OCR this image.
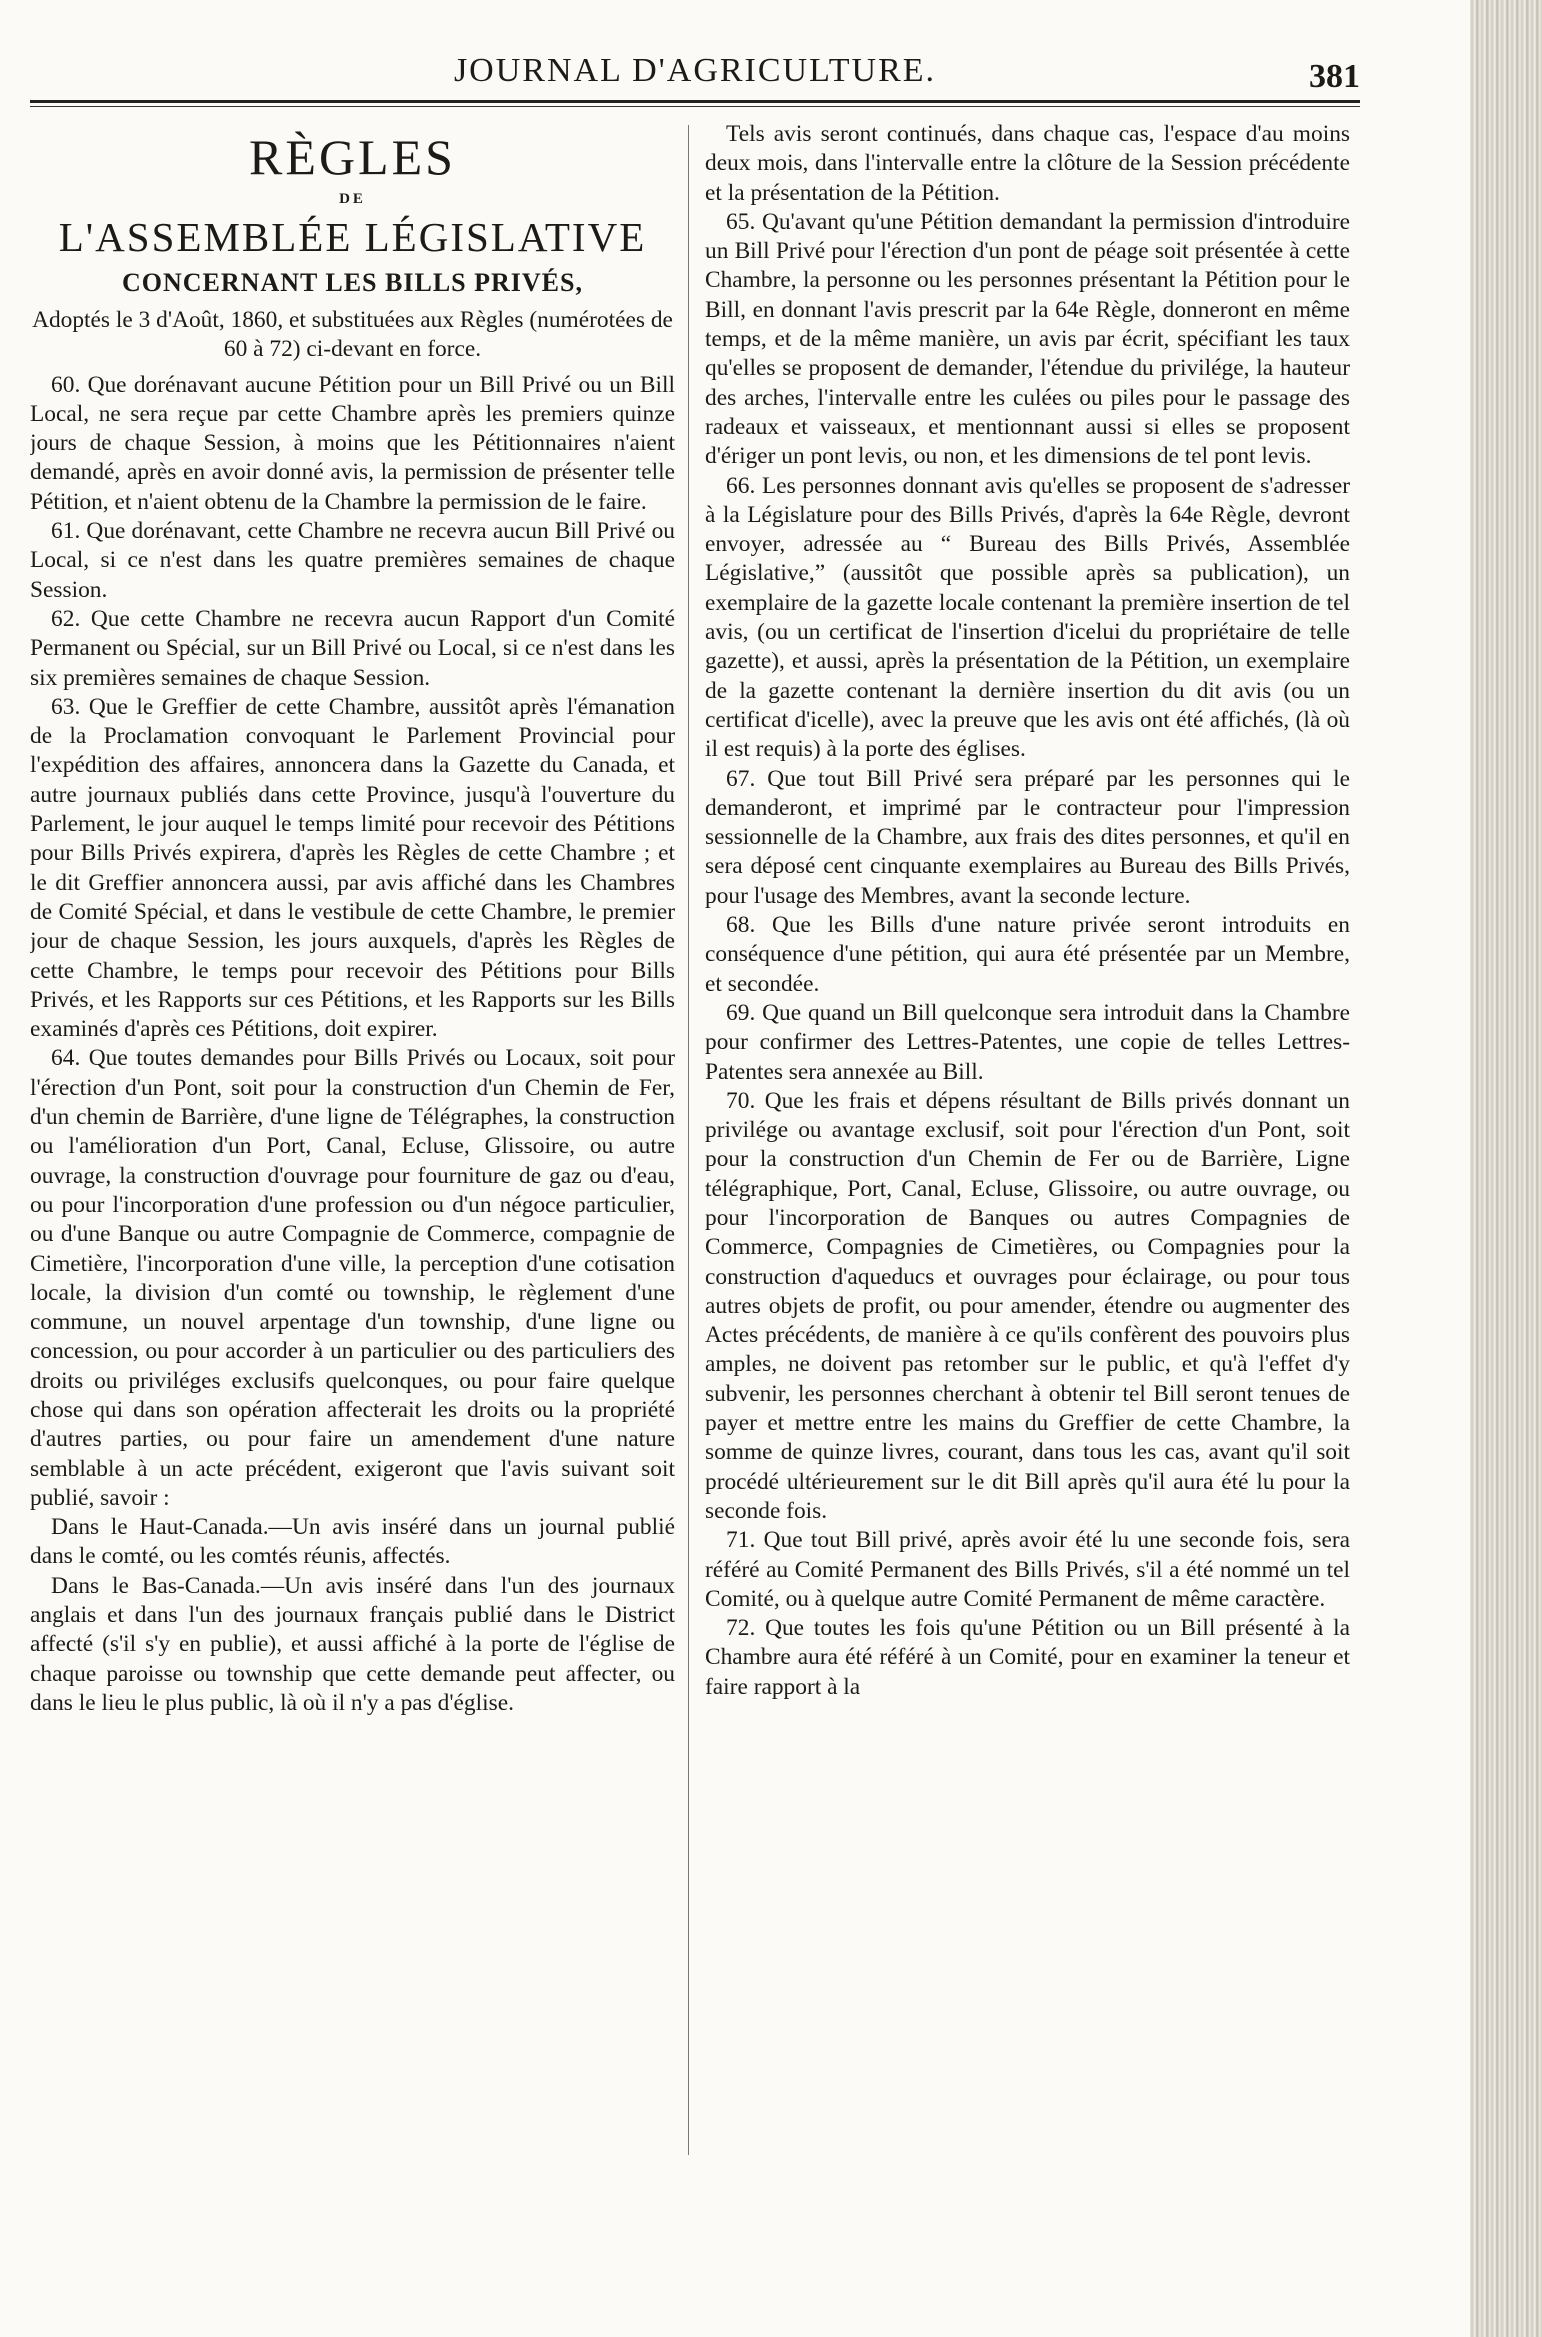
JOURNAL D'AGRICULTURE.	381
RÈGLES
DE
L'ASSEMBLÉE LÉGISLATIVE
CONCERNANT LES BILLS PRIVÉS,
Adoptés le 3 d'Août, 1860, et substituées aux Règles (numérotées de 60 à 72) ci-devant en force.

60. Que dorénavant aucune Pétition pour un Bill Privé ou un Bill Local, ne sera reçue par cette Chambre après les premiers quinze jours de chaque Session, à moins que les Pétitionnaires n'aient demandé, après en avoir donné avis, la permission de présenter telle Pétition, et n'aient obtenu de la Chambre la permission de le faire.

61. Que dorénavant, cette Chambre ne recevra aucun Bill Privé ou Local, si ce n'est dans les quatre premières semaines de chaque Session.

62. Que cette Chambre ne recevra aucun Rapport d'un Comité Permanent ou Spécial, sur un Bill Privé ou Local, si ce n'est dans les six premières semaines de chaque Session.

63. Que le Greffier de cette Chambre, aussitôt après l'émanation de la Proclamation convoquant le Parlement Provincial pour l'expédition des affaires, annoncera dans la Gazette du Canada, et autre journaux publiés dans cette Province, jusqu'à l'ouverture du Parlement, le jour auquel le temps limité pour recevoir des Pétitions pour Bills Privés expirera, d'après les Règles de cette Chambre ; et le dit Greffier annoncera aussi, par avis affiché dans les Chambres de Comité Spécial, et dans le vestibule de cette Chambre, le premier jour de chaque Session, les jours auxquels, d'après les Règles de cette Chambre, le temps pour recevoir des Pétitions pour Bills Privés, et les Rapports sur ces Pétitions, et les Rapports sur les Bills examinés d'après ces Pétitions, doit expirer.

64. Que toutes demandes pour Bills Privés ou Locaux, soit pour l'érection d'un Pont, soit pour la construction d'un Chemin de Fer, d'un chemin de Barrière, d'une ligne de Télégraphes, la construction ou l'amélioration d'un Port, Canal, Ecluse, Glissoire, ou autre ouvrage, la construction d'ouvrage pour fourniture de gaz ou d'eau, ou pour l'incorporation d'une profession ou d'un négoce particulier, ou d'une Banque ou autre Compagnie de Commerce, compagnie de Cimetière, l'incorporation d'une ville, la perception d'une cotisation locale, la division d'un comté ou township, le règlement d'une commune, un nouvel arpentage d'un township, d'une ligne ou concession, ou pour accorder à un particulier ou des particuliers des droits ou priviléges exclusifs quelconques, ou pour faire quelque chose qui dans son opération affecterait les droits ou la propriété d'autres parties, ou pour faire un amendement d'une nature semblable à un acte précédent, exigeront que l'avis suivant soit publié, savoir :

Dans le Haut-Canada.—Un avis inséré dans un journal publié dans le comté, ou les comtés réunis, affectés.

Dans le Bas-Canada.—Un avis inséré dans l'un des journaux anglais et dans l'un des journaux français publié dans le District affecté (s'il s'y en publie), et aussi affiché à la porte de l'église de chaque paroisse ou township que cette demande peut affecter, ou dans le lieu le plus public, là où il n'y a pas d'église.

Tels avis seront continués, dans chaque cas, l'espace d'au moins deux mois, dans l'intervalle entre la clôture de la Session précédente et la présentation de la Pétition.

65. Qu'avant qu'une Pétition demandant la permission d'introduire un Bill Privé pour l'érection d'un pont de péage soit présentée à cette Chambre, la personne ou les personnes présentant la Pétition pour le Bill, en donnant l'avis prescrit par la 64e Règle, donneront en même temps, et de la même manière, un avis par écrit, spécifiant les taux qu'elles se proposent de demander, l'étendue du privilége, la hauteur des arches, l'intervalle entre les culées ou piles pour le passage des radeaux et vaisseaux, et mentionnant aussi si elles se proposent d'ériger un pont levis, ou non, et les dimensions de tel pont levis.

66. Les personnes donnant avis qu'elles se proposent de s'adresser à la Législature pour des Bills Privés, d'après la 64e Règle, devront envoyer, adressée au “ Bureau des Bills Privés, Assemblée Législative,” (aussitôt que possible après sa publication), un exemplaire de la gazette locale contenant la première insertion de tel avis, (ou un certificat de l'insertion d'icelui du propriétaire de telle gazette), et aussi, après la présentation de la Pétition, un exemplaire de la gazette contenant la dernière insertion du dit avis (ou un certificat d'icelle), avec la preuve que les avis ont été affichés, (là où il est requis) à la porte des églises.

67. Que tout Bill Privé sera préparé par les personnes qui le demanderont, et imprimé par le contracteur pour l'impression sessionnelle de la Chambre, aux frais des dites personnes, et qu'il en sera déposé cent cinquante exemplaires au Bureau des Bills Privés, pour l'usage des Membres, avant la seconde lecture.

68. Que les Bills d'une nature privée seront introduits en conséquence d'une pétition, qui aura été présentée par un Membre, et secondée.

69. Que quand un Bill quelconque sera introduit dans la Chambre pour confirmer des Lettres-Patentes, une copie de telles Lettres-Patentes sera annexée au Bill.

70. Que les frais et dépens résultant de Bills privés donnant un privilége ou avantage exclusif, soit pour l'érection d'un Pont, soit pour la construction d'un Chemin de Fer ou de Barrière, Ligne télégraphique, Port, Canal, Ecluse, Glissoire, ou autre ouvrage, ou pour l'incorporation de Banques ou autres Compagnies de Commerce, Compagnies de Cimetières, ou Compagnies pour la construction d'aqueducs et ouvrages pour éclairage, ou pour tous autres objets de profit, ou pour amender, étendre ou augmenter des Actes précédents, de manière à ce qu'ils confèrent des pouvoirs plus amples, ne doivent pas retomber sur le public, et qu'à l'effet d'y subvenir, les personnes cherchant à obtenir tel Bill seront tenues de payer et mettre entre les mains du Greffier de cette Chambre, la somme de quinze livres, courant, dans tous les cas, avant qu'il soit procédé ultérieurement sur le dit Bill après qu'il aura été lu pour la seconde fois.

71. Que tout Bill privé, après avoir été lu une seconde fois, sera référé au Comité Permanent des Bills Privés, s'il a été nommé un tel Comité, ou à quelque autre Comité Permanent de même caractère.

72. Que toutes les fois qu'une Pétition ou un Bill présenté à la Chambre aura été référé à un Comité, pour en examiner la teneur et faire rapport à la
